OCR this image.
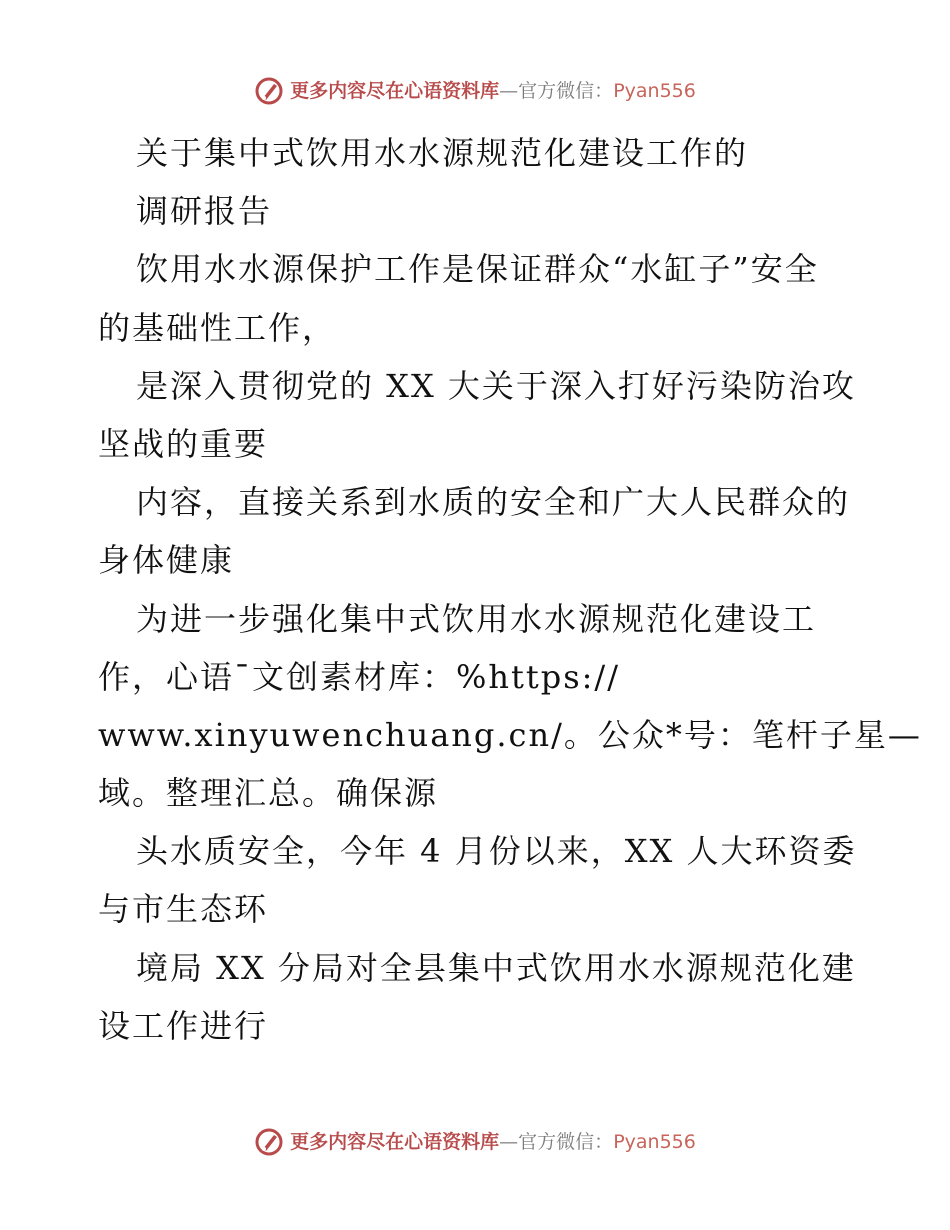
更多内容尽在心语资料库 — 官方微信： Pyan556
关于集中式饮用水水源规范化建设工作的
调研报告
饮用水水源保护工作是保证群众“水缸子”安全
的基础性工作，
是深入贯彻党的 XX 大关于深入打好污染防治攻
坚战的重要
内容，直接关系到水质的安全和广大人民群众的
身体健康
为进一步强化集中式饮用水水源规范化建设工
作，心语¯文创素材库：%https://
www.xinyuwenchuang.cn/。公众*号：笔杆子星—
域。整理汇总。确保源
头水质安全，今年 4 月份以来，XX 人大环资委
与市生态环
境局 XX 分局对全县集中式饮用水水源规范化建
设工作进行
更多内容尽在心语资料库 — 官方微信： Pyan556
